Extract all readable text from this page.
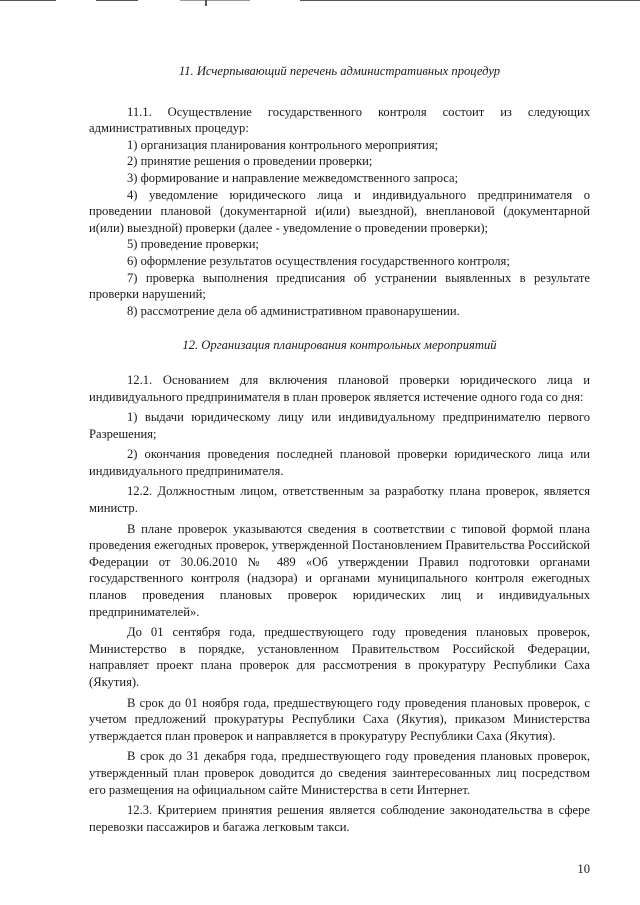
11. Исчерпывающий перечень административных процедур

11.1. Осуществление государственного контроля состоит из следующих административных процедур:

1) организация планирования контрольного мероприятия;

2) принятие решения о проведении проверки;

3) формирование и направление межведомственного запроса;

4) уведомление юридического лица и индивидуального предпринимателя о проведении плановой (документарной и(или) выездной), внеплановой (документарной и(или) выездной) проверки (далее - уведомление о проведении проверки);

5) проведение проверки;

6) оформление результатов осуществления государственного контроля;

7) проверка выполнения предписания об устранении выявленных в результате проверки нарушений;

8) рассмотрение дела об административном правонарушении.

12. Организация планирования контрольных мероприятий

12.1. Основанием для включения плановой проверки юридического лица и индивидуального предпринимателя в план проверок является истечение одного года со дня:

1) выдачи юридическому лицу или индивидуальному предпринимателю первого Разрешения;

2) окончания проведения последней плановой проверки юридического лица или индивидуального предпринимателя.

12.2. Должностным лицом, ответственным за разработку плана проверок, является министр.

В плане проверок указываются сведения в соответствии с типовой формой плана проведения ежегодных проверок, утвержденной Постановлением Правительства Российской Федерации от 30.06.2010 № 489 «Об утверждении Правил подготовки органами государственного контроля (надзора) и органами муниципального контроля ежегодных планов проведения плановых проверок юридических лиц и индивидуальных предпринимателей».

До 01 сентября года, предшествующего году проведения плановых проверок, Министерство в порядке, установленном Правительством Российской Федерации, направляет проект плана проверок для рассмотрения в прокуратуру Республики Саха (Якутия).

В срок до 01 ноября года, предшествующего году проведения плановых проверок, с учетом предложений прокуратуры Республики Саха (Якутия), приказом Министерства утверждается план проверок и направляется в прокуратуру Республики Саха (Якутия).

В срок до 31 декабря года, предшествующего году проведения плановых проверок, утвержденный план проверок доводится до сведения заинтересованных лиц посредством его размещения на официальном сайте Министерства в сети Интернет.

12.3. Критерием принятия решения является соблюдение законодательства в сфере перевозки пассажиров и багажа легковым такси.

10
